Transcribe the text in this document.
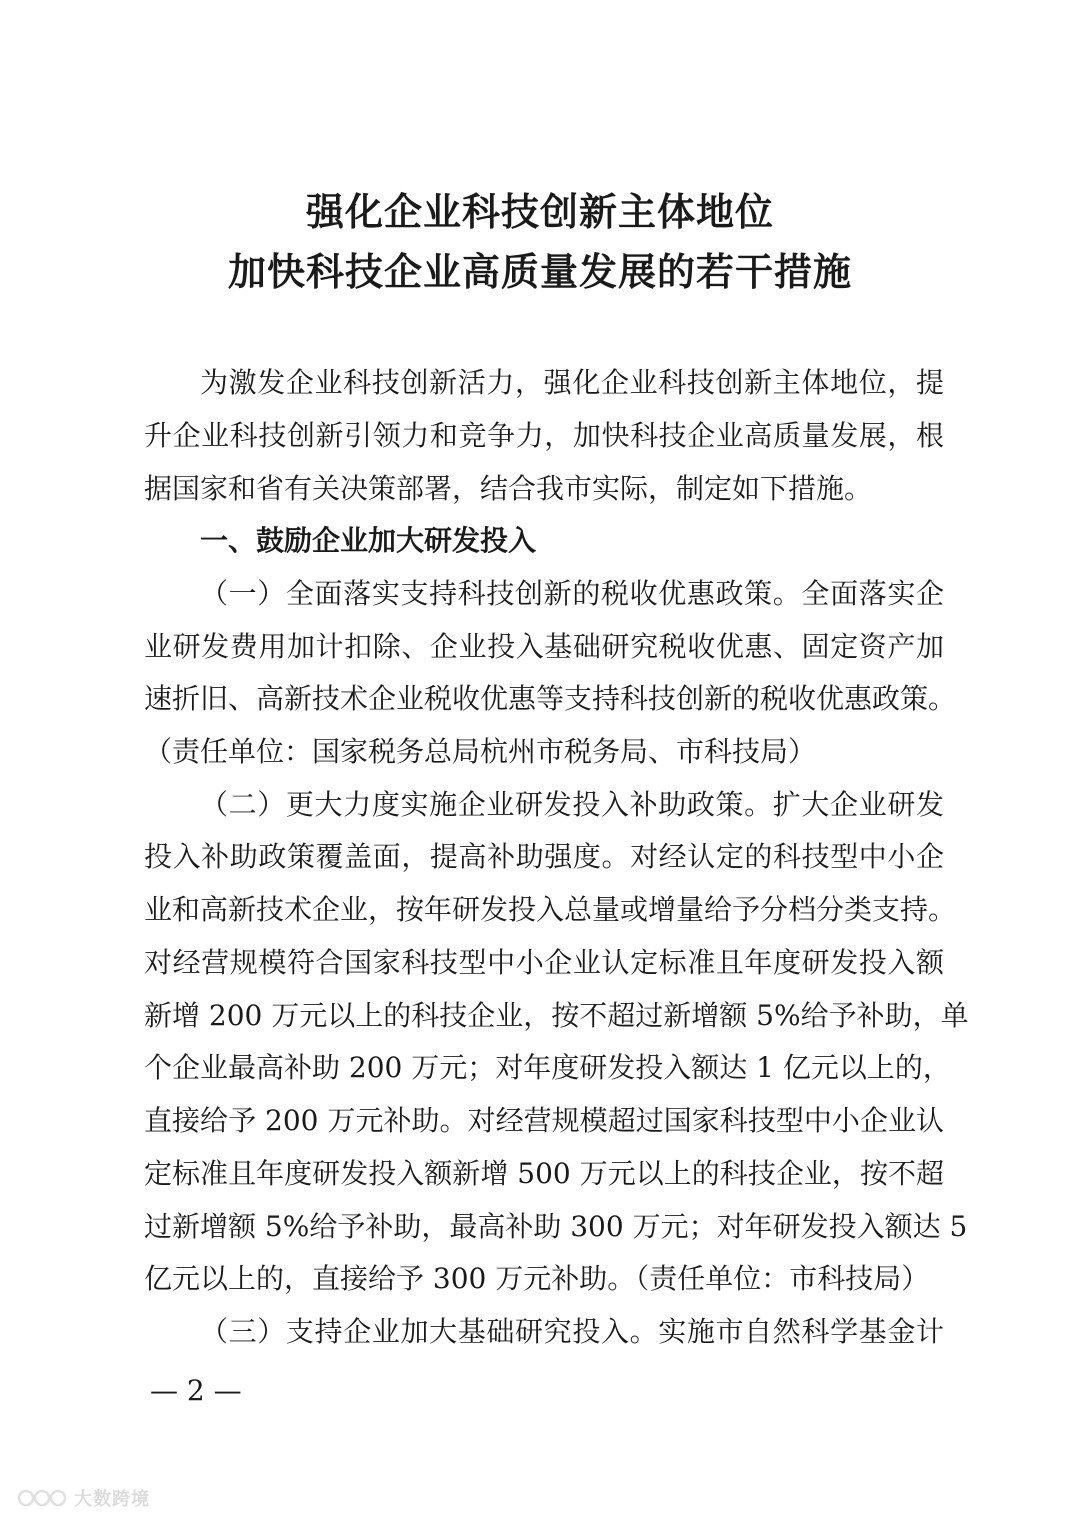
强化企业科技创新主体地位
加快科技企业高质量发展的若干措施
为激发企业科技创新活力，强化企业科技创新主体地位，提
升企业科技创新引领力和竞争力，加快科技企业高质量发展，根
据国家和省有关决策部署，结合我市实际，制定如下措施。
一、鼓励企业加大研发投入
（一）全面落实支持科技创新的税收优惠政策。全面落实企
业研发费用加计扣除、企业投入基础研究税收优惠、固定资产加
速折旧、高新技术企业税收优惠等支持科技创新的税收优惠政策。
（责任单位：国家税务总局杭州市税务局、市科技局）
（二）更大力度实施企业研发投入补助政策。扩大企业研发
投入补助政策覆盖面，提高补助强度。对经认定的科技型中小企
业和高新技术企业，按年研发投入总量或增量给予分档分类支持。
对经营规模符合国家科技型中小企业认定标准且年度研发投入额
新增 200 万元以上的科技企业，按不超过新增额 5%给予补助，单
个企业最高补助 200 万元；对年度研发投入额达 1 亿元以上的，
直接给予 200 万元补助。对经营规模超过国家科技型中小企业认
定标准且年度研发投入额新增 500 万元以上的科技企业，按不超
过新增额 5%给予补助，最高补助 300 万元；对年研发投入额达 5
亿元以上的，直接给予 300 万元补助。（责任单位：市科技局）
（三）支持企业加大基础研究投入。实施市自然科学基金计
— 2 —
大数跨境
